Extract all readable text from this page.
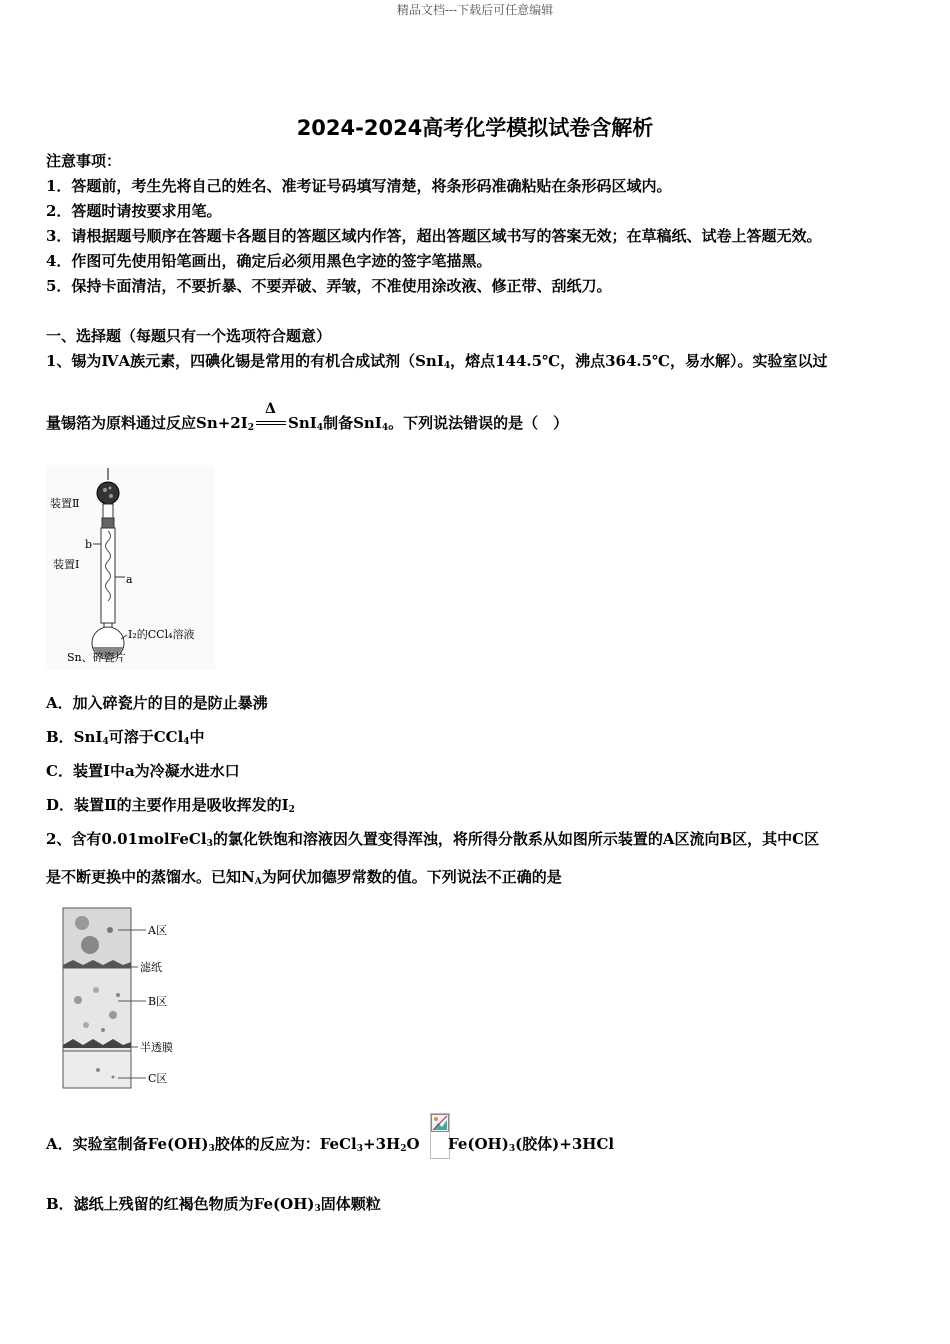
精品文档---下载后可任意编辑
2024-2024高考化学模拟试卷含解析
注意事项：
1．答题前，考生先将自己的姓名、准考证号码填写清楚，将条形码准确粘贴在条形码区域内。
2．答题时请按要求用笔。
3．请根据题号顺序在答题卡各题目的答题区域内作答，超出答题区域书写的答案无效；在草稿纸、试卷上答题无效。
4．作图可先使用铅笔画出，确定后必须用黑色字迹的签字笔描黑。
5．保持卡面清洁，不要折暴、不要弄破、弄皱，不准使用涂改液、修正带、刮纸刀。
一、选择题（每题只有一个选项符合题意）
1、锡为ⅣA族元素，四碘化锡是常用的有机合成试剂（SnI$_4$，熔点144.5℃，沸点364.5℃，易水解）。实验室以过
量锡箔为原料通过反应$Sn+2I_2$
Δ
SnI$_4$制备SnI$_4$。下列说法错误的是（　）
装置Ⅱ
b
装置Ⅰ
a
I₂的CCl₄溶液
Sn、碎瓷片
A．加入碎瓷片的目的是防止暴沸
B．SnI$_4$可溶于CCl$_4$中
C．装置Ⅰ中a为冷凝水进水口
D．装置Ⅱ的主要作用是吸收挥发的$I_2$
2、含有0.01molFeCl$_3$的氯化铁饱和溶液因久置变得浑浊，将所得分散系从如图所示装置的A区流向B区，其中C区
是不断更换中的蒸馏水。已知$N_A$为阿伏加德罗常数的值。下列说法不正确的是
A区
滤纸
B区
半透膜
C区
A．实验室制备$Fe(OH)_3$胶体的反应为：$FeCl_3+3H_2O$ $Fe(OH)_3$(胶体)+3HCl
B．滤纸上残留的红褐色物质为$Fe(OH)_3$固体颗粒
